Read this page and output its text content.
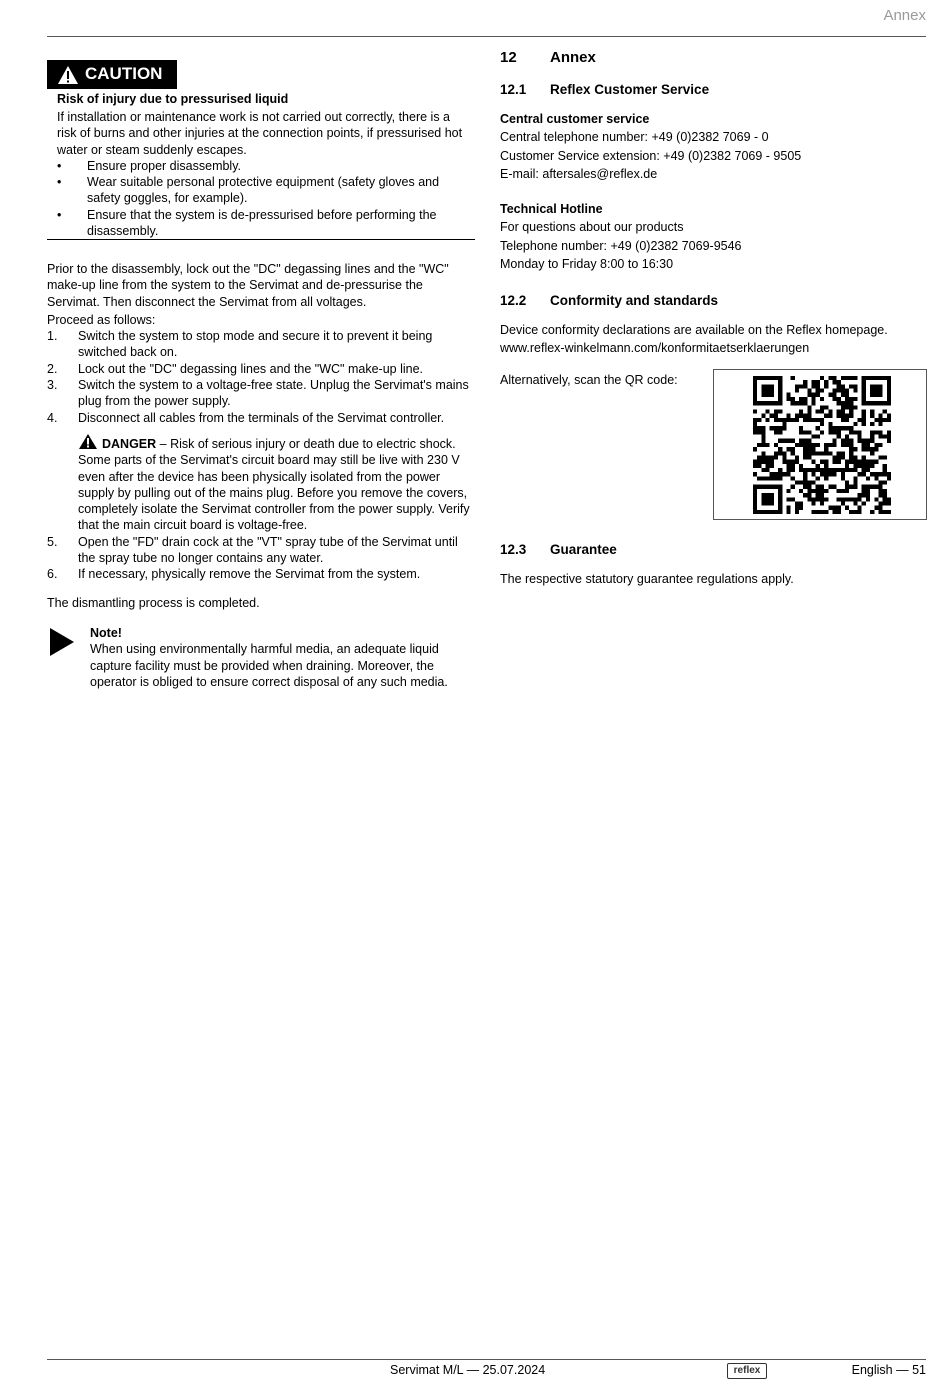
Annex
CAUTION
Risk of injury due to pressurised liquid

If installation or maintenance work is not carried out correctly, there is a risk of burns and other injuries at the connection points, if pressurised hot water or steam suddenly escapes.

• Ensure proper disassembly.
• Wear suitable personal protective equipment (safety gloves and safety goggles, for example).
• Ensure that the system is de-pressurised before performing the disassembly.

Prior to the disassembly, lock out the "DC" degassing lines and the "WC" make-up line from the system to the Servimat and de-pressurise the Servimat. Then disconnect the Servimat from all voltages.

Proceed as follows:

1. Switch the system to stop mode and secure it to prevent it being switched back on.
2. Lock out the "DC" degassing lines and the "WC" make-up line.
3. Switch the system to a voltage-free state. Unplug the Servimat's mains plug from the power supply.
4. Disconnect all cables from the terminals of the Servimat controller.

DANGER – Risk of serious injury or death due to electric shock. Some parts of the Servimat's circuit board may still be live with 230 V even after the device has been physically isolated from the power supply by pulling out of the mains plug. Before you remove the covers, completely isolate the Servimat controller from the power supply. Verify that the main circuit board is voltage-free.

5. Open the "FD" drain cock at the "VT" spray tube of the Servimat until the spray tube no longer contains any water.
6. If necessary, physically remove the Servimat from the system.

The dismantling process is completed.

Note!

When using environmentally harmful media, an adequate liquid capture facility must be provided when draining. Moreover, the operator is obliged to ensure correct disposal of any such media.

12 Annex
12.1 Reflex Customer Service

Central customer service

Central telephone number: +49 (0)2382 7069 - 0

Customer Service extension: +49 (0)2382 7069 - 9505

E-mail: aftersales@reflex.de

Technical Hotline

For questions about our products

Telephone number: +49 (0)2382 7069-9546

Monday to Friday 8:00 to 16:30

12.2 Conformity and standards

Device conformity declarations are available on the Reflex homepage.

www.reflex-winkelmann.com/konformitaetserklaerungen

Alternatively, scan the QR code:
12.3 Guarantee
The respective statutory guarantee regulations apply.
Servimat M/L — 25.07.2024	reflex	English — 51
